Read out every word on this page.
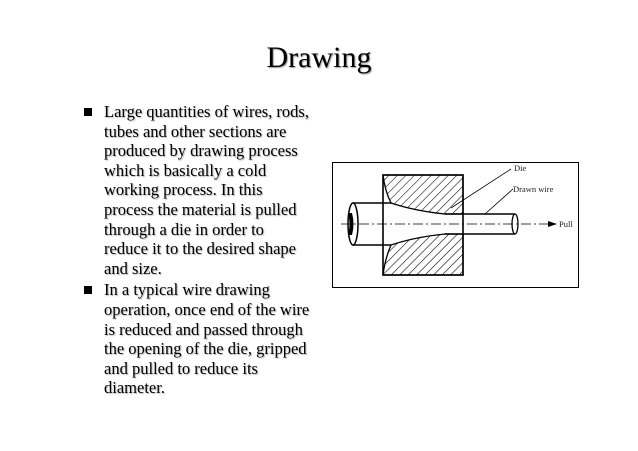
Drawing
Large quantities of wires, rods,
tubes and other sections are
produced by drawing process
which is basically a cold
working process. In this
process the material is pulled
through a die in order to
reduce it to the desired shape
and size.
In a typical wire drawing
operation, once end of the wire
is reduced and passed through
the opening of the die, gripped
and pulled to reduce its
diameter.
Die
Drawn wire
Pull
